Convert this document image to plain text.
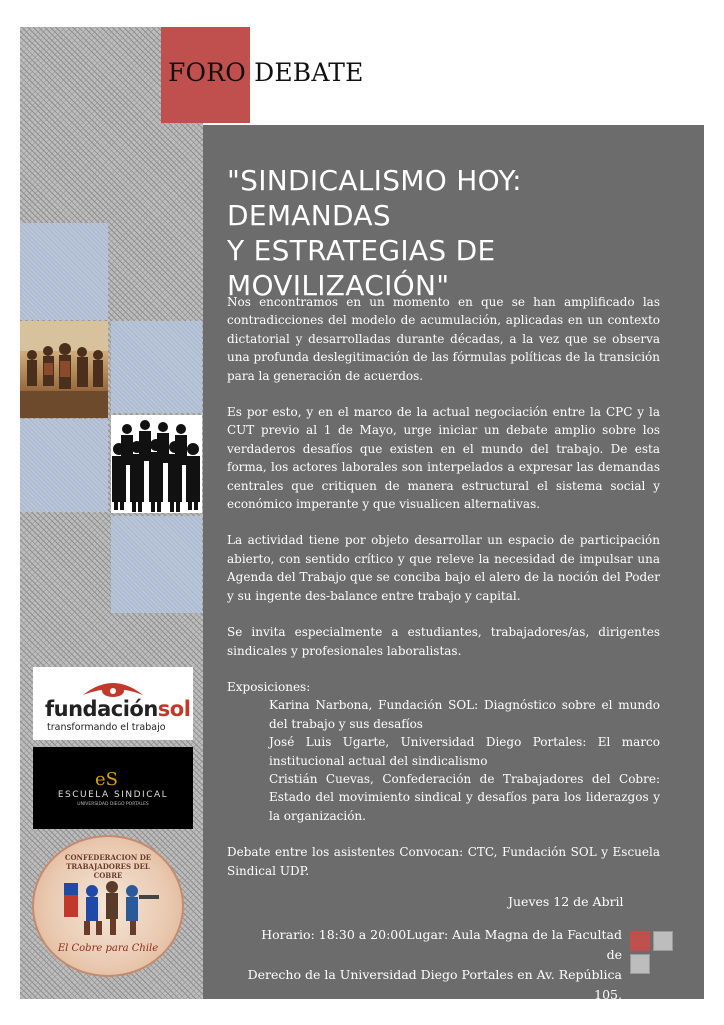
FORO DEBATE
fundaciónsol
transformando el trabajo
eS
ESCUELA SINDICAL
UNIVERSIDAD DIEGO PORTALES
CONFEDERACION DE TRABAJADORES DEL COBRE
El Cobre para Chile
"SINDICALISMO HOY: DEMANDAS
Y ESTRATEGIAS DE
MOVILIZACIÓN"

Nos encontramos en un momento en que se han amplificado las contradicciones del modelo de acumulación, aplicadas en un contexto dictatorial y desarrolladas durante décadas, a la vez que se observa una profunda deslegitimación de las fórmulas políticas de la transición para la generación de acuerdos.

Es por esto, y en el marco de la actual negociación entre la CPC y la CUT previo al 1 de Mayo, urge iniciar un debate amplio sobre los verdaderos desafíos que existen en el mundo del trabajo. De esta forma, los actores laborales son interpelados a expresar las demandas centrales que critiquen de manera estructural el sistema social y económico imperante y que visualicen alternativas.

La actividad tiene por objeto desarrollar un espacio de participación abierto, con sentido crítico y que releve la necesidad de impulsar una Agenda del Trabajo que se conciba bajo el alero de la noción del Poder y su ingente des-balance entre trabajo y capital.

Se invita especialmente a estudiantes, trabajadores/as, dirigentes sindicales y profesionales laboralistas.

Exposiciones:

Karina Narbona, Fundación SOL: Diagnóstico sobre el mundo del trabajo y sus desafíos

José Luis Ugarte, Universidad Diego Portales: El marco institucional actual del sindicalismo

Cristián Cuevas, Confederación de Trabajadores del Cobre: Estado del movimiento sindical y desafíos para los liderazgos y la organización.

Debate entre los asistentes Convocan: CTC, Fundación SOL y Escuela Sindical UDP.

Jueves 12 de Abril
Horario: 18:30 a 20:00Lugar: Aula Magna de la Facultad de
Derecho de la Universidad Diego Portales en Av. República 105,
Santiago. Metro República.
